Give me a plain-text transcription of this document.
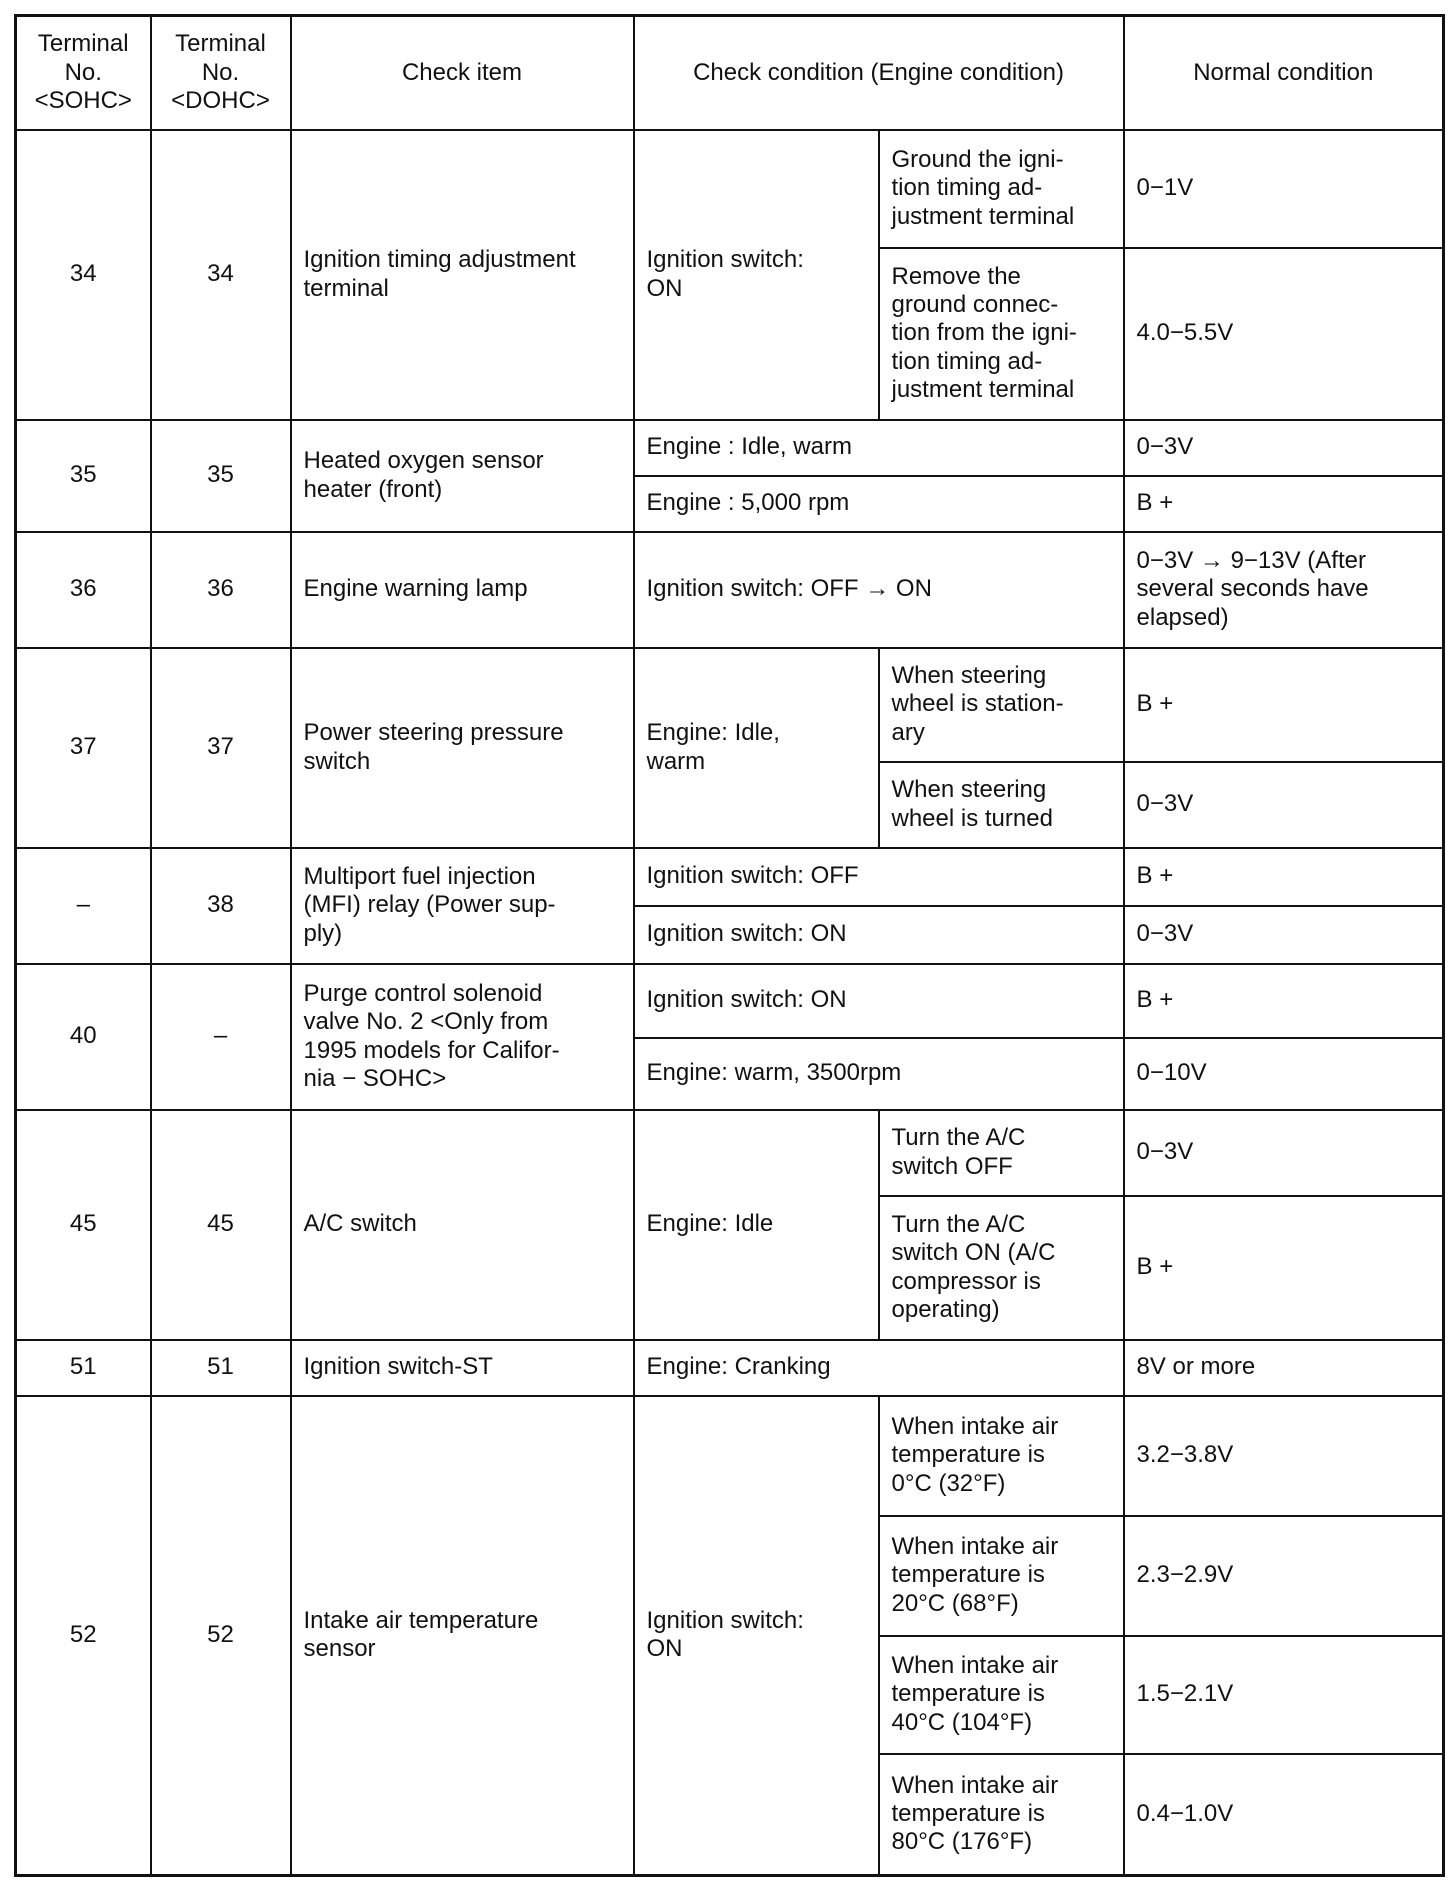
Terminal
No.
<SOHC>	Terminal
No.
<DOHC>	Check item	Check condition (Engine condition)		Normal condition
34	34	Ignition timing adjustment
terminal	Ignition switch:
ON	Ground the igni-
tion timing ad-
justment terminal	0−1V
				Remove the
ground connec-
tion from the igni-
tion timing ad-
justment terminal	4.0−5.5V
35	35	Heated oxygen sensor
heater (front)	Engine : Idle, warm		0−3V
			Engine : 5,000 rpm		B +
36	36	Engine warning lamp	Ignition switch: OFF → ON		0−3V → 9−13V (After
several seconds have
elapsed)
37	37	Power steering pressure
switch	Engine: Idle,
warm	When steering
wheel is station-
ary	B +
				When steering
wheel is turned	0−3V
–	38	Multiport fuel injection
(MFI) relay (Power sup-
ply)	Ignition switch: OFF		B +
			Ignition switch: ON		0−3V
40	–	Purge control solenoid
valve No. 2 <Only from
1995 models for Califor-
nia − SOHC>	Ignition switch: ON		B +
			Engine: warm, 3500rpm		0−10V
45	45	A/C switch	Engine: Idle	Turn the A/C
switch OFF	0−3V
				Turn the A/C
switch ON (A/C
compressor is
operating)	B +
51	51	Ignition switch-ST	Engine: Cranking		8V or more
52	52	Intake air temperature
sensor	Ignition switch:
ON	When intake air
temperature is
0°C (32°F)	3.2−3.8V
				When intake air
temperature is
20°C (68°F)	2.3−2.9V
				When intake air
temperature is
40°C (104°F)	1.5−2.1V
				When intake air
temperature is
80°C (176°F)	0.4−1.0V
